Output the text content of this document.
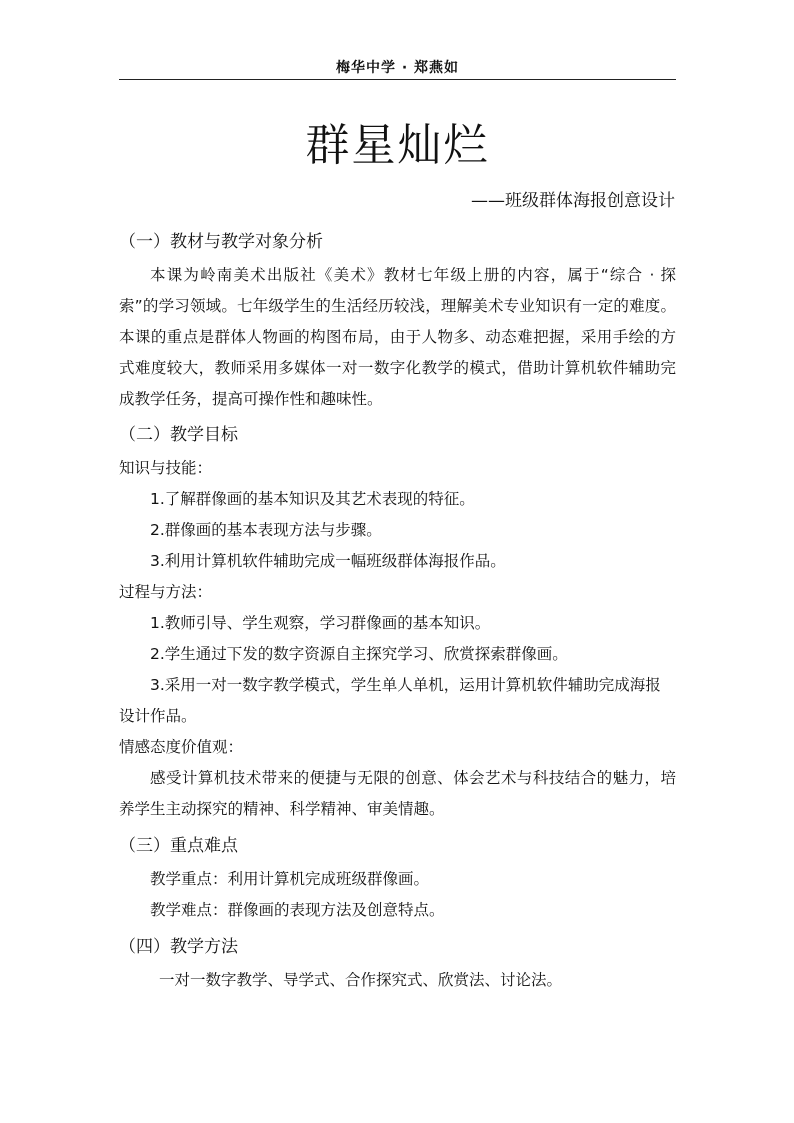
梅华中学 · 郑燕如
群星灿烂
——班级群体海报创意设计
（一）教材与教学对象分析

本课为岭南美术出版社《美术》教材七年级上册的内容，属于“综合 · 探索”的学习领域。七年级学生的生活经历较浅，理解美术专业知识有一定的难度。本课的重点是群体人物画的构图布局，由于人物多、动态难把握，采用手绘的方式难度较大，教师采用多媒体一对一数字化教学的模式，借助计算机软件辅助完成教学任务，提高可操作性和趣味性。

（二）教学目标

知识与技能：

1.了解群像画的基本知识及其艺术表现的特征。

2.群像画的基本表现方法与步骤。

3.利用计算机软件辅助完成一幅班级群体海报作品。

过程与方法：

1.教师引导、学生观察，学习群像画的基本知识。

2.学生通过下发的数字资源自主探究学习、欣赏探索群像画。

3.采用一对一数字教学模式，学生单人单机，运用计算机软件辅助完成海报设计作品。

情感态度价值观：

感受计算机技术带来的便捷与无限的创意、体会艺术与科技结合的魅力，培养学生主动探究的精神、科学精神、审美情趣。

（三）重点难点

教学重点：利用计算机完成班级群像画。

教学难点：群像画的表现方法及创意特点。

（四）教学方法

一对一数字教学、导学式、合作探究式、欣赏法、讨论法。
